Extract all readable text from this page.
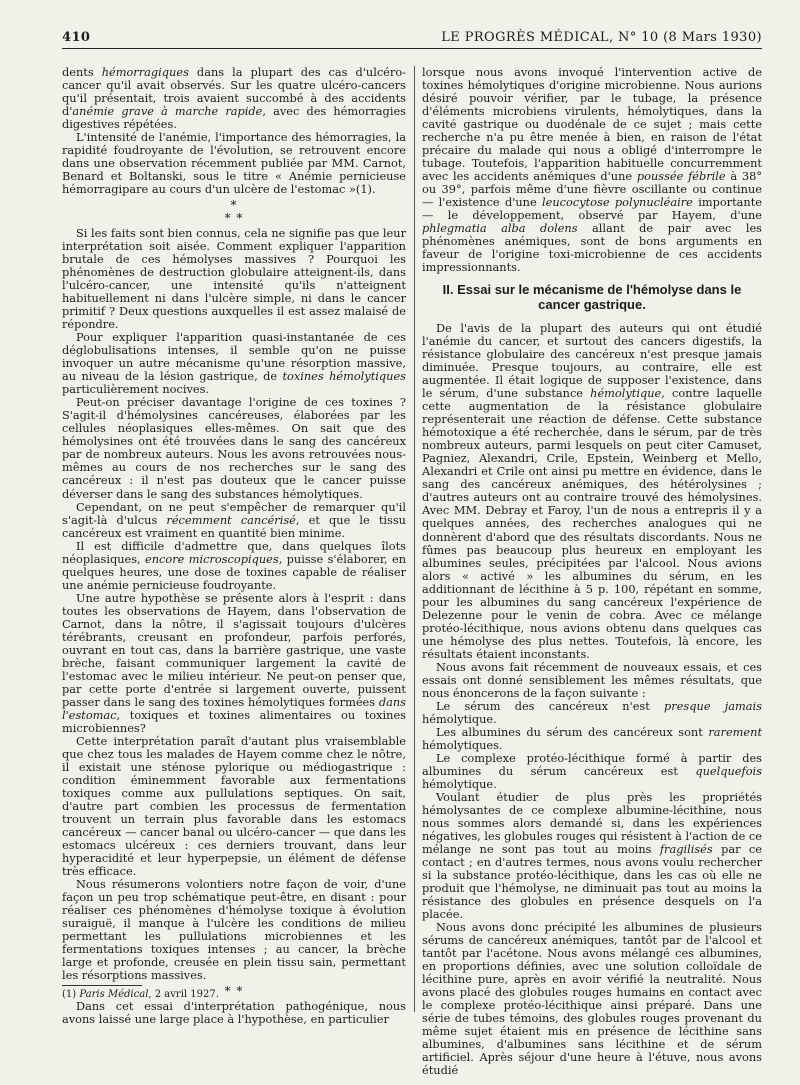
410	LE PROGRÈS MÉDICAL, N° 10 (8 Mars 1930)

dents hémorragiques dans la plupart des cas d'ulcéro-cancer qu'il avait observés. Sur les quatre ulcéro-cancers qu'il présentait, trois avaient succombé à des accidents d'anémie grave à marche rapide, avec des hémorragies digestives répétées.

L'intensité de l'anémie, l'importance des hémorragies, la rapidité foudroyante de l'évolution, se retrouvent encore dans une observation récemment publiée par MM. Carnot, Benard et Boltanski, sous le titre « Anémie pernicieuse hémorragipare au cours d'un ulcère de l'estomac »(1).

*
* *

Si les faits sont bien connus, cela ne signifie pas que leur interprétation soit aisée. Comment expliquer l'apparition brutale de ces hémolyses massives ? Pourquoi les phénomènes de destruction globulaire atteignent-ils, dans l'ulcéro-cancer, une intensité qu'ils n'atteignent habituellement ni dans l'ulcère simple, ni dans le cancer primitif ? Deux questions auxquelles il est assez malaisé de répondre.

Pour expliquer l'apparition quasi-instantanée de ces déglobulisations intenses, il semble qu'on ne puisse invoquer un autre mécanisme qu'une résorption massive, au niveau de la lésion gastrique, de toxines hémolytiques particulièrement nocives.

Peut-on préciser davantage l'origine de ces toxines ? S'agit-il d'hémolysines cancéreuses, élaborées par les cellules néoplasiques elles-mêmes. On sait que des hémolysines ont été trouvées dans le sang des cancéreux par de nombreux auteurs. Nous les avons retrouvées nous-mêmes au cours de nos recherches sur le sang des cancéreux : il n'est pas douteux que le cancer puisse déverser dans le sang des substances hémolytiques.

Cependant, on ne peut s'empêcher de remarquer qu'il s'agit-là d'ulcus récemment cancérisé, et que le tissu cancéreux est vraiment en quantité bien minime.

Il est difficile d'admettre que, dans quelques îlots néoplasiques, encore microscopiques, puisse s'élaborer, en quelques heures, une dose de toxines capable de réaliser une anémie pernicieuse foudroyante.

Une autre hypothèse se présente alors à l'esprit : dans toutes les observations de Hayem, dans l'observation de Carnot, dans la nôtre, il s'agissait toujours d'ulcères térébrants, creusant en profondeur, parfois perforés, ouvrant en tout cas, dans la barrière gastrique, une vaste brèche, faisant communiquer largement la cavité de l'estomac avec le milieu intérieur. Ne peut-on penser que, par cette porte d'entrée si largement ouverte, puissent passer dans le sang des toxines hémolytiques formées dans l'estomac, toxiques et toxines alimentaires ou toxines microbiennes?

Cette interprétation paraît d'autant plus vraisemblable que chez tous les malades de Hayem comme chez le nôtre, il existait une sténose pylorique ou médiogastrique : condition éminemment favorable aux fermentations toxiques comme aux pullulations septiques. On sait, d'autre part combien les processus de fermentation trouvent un terrain plus favorable dans les estomacs cancéreux — cancer banal ou ulcéro-cancer — que dans les estomacs ulcéreux : ces derniers trouvant, dans leur hyperacidité et leur hyperpepsie, un élément de défense très efficace.

Nous résumerons volontiers notre façon de voir, d'une façon un peu trop schématique peut-être, en disant : pour réaliser ces phénomènes d'hémolyse toxique à évolution suraiguë, il manque à l'ulcère les conditions de milieu permettant les pullulations microbiennes et les fermentations toxiques intenses ; au cancer, la brèche large et profonde, creusée en plein tissu sain, permettant les résorptions massives.

* *

Dans cet essai d'interprétation pathogénique, nous avons laissé une large place à l'hypothèse, en particulier

(1) Paris Médical, 2 avril 1927.

lorsque nous avons invoqué l'intervention active de toxines hémolytiques d'origine microbienne. Nous aurions désiré pouvoir vérifier, par le tubage, la présence d'éléments microbiens virulents, hémolytiques, dans la cavité gastrique ou duodénale de ce sujet ; mais cette recherche n'a pu être menée à bien, en raison de l'état précaire du malade qui nous a obligé d'interrompre le tubage. Toutefois, l'apparition habituelle concurremment avec les accidents anémiques d'une poussée fébrile à 38° ou 39°, parfois même d'une fièvre oscillante ou continue — l'existence d'une leucocytose polynucléaire importante — le développement, observé par Hayem, d'une phlegmatia alba dolens allant de pair avec les phénomènes anémiques, sont de bons arguments en faveur de l'origine toxi-microbienne de ces accidents impressionnants.

II. Essai sur le mécanisme de l'hémolyse dans le cancer gastrique.

De l'avis de la plupart des auteurs qui ont étudié l'anémie du cancer, et surtout des cancers digestifs, la résistance globulaire des cancéreux n'est presque jamais diminuée. Presque toujours, au contraire, elle est augmentée. Il était logique de supposer l'existence, dans le sérum, d'une substance hémolytique, contre laquelle cette augmentation de la résistance globulaire représenterait une réaction de défense. Cette substance hémotoxique a été recherchée, dans le sérum, par de très nombreux auteurs, parmi lesquels on peut citer Camuset, Pagniez, Alexandri, Crile, Epstein, Weinberg et Mello, Alexandri et Crile ont ainsi pu mettre en évidence, dans le sang des cancéreux anémiques, des hétérolysines ; d'autres auteurs ont au contraire trouvé des hémolysines. Avec MM. Debray et Faroy, l'un de nous a entrepris il y a quelques années, des recherches analogues qui ne donnèrent d'abord que des résultats discordants. Nous ne fûmes pas beaucoup plus heureux en employant les albumines seules, précipitées par l'alcool. Nous avions alors « activé » les albumines du sérum, en les additionnant de lécithine à 5 p. 100, répétant en somme, pour les albumines du sang cancéreux l'expérience de Delezenne pour le venin de cobra. Avec ce mélange protéo-lécithique, nous avions obtenu dans quelques cas une hémolyse des plus nettes. Toutefois, là encore, les résultats étaient inconstants.

Nous avons fait récemment de nouveaux essais, et ces essais ont donné sensiblement les mêmes résultats, que nous énoncerons de la façon suivante :

Le sérum des cancéreux n'est presque jamais hémolytique.

Les albumines du sérum des cancéreux sont rarement hémolytiques.

Le complexe protéo-lécithique formé à partir des albumines du sérum cancéreux est quelquefois hémolytique.

Voulant étudier de plus près les propriétés hémolysantes de ce complexe albumine-lécithine, nous nous sommes alors demandé si, dans les expériences négatives, les globules rouges qui résistent à l'action de ce mélange ne sont pas tout au moins fragilisés par ce contact ; en d'autres termes, nous avons voulu rechercher si la substance protéo-lécithique, dans les cas où elle ne produit que l'hémolyse, ne diminuait pas tout au moins la résistance des globules en présence desquels on l'a placée.

Nous avons donc précipité les albumines de plusieurs sérums de cancéreux anémiques, tantôt par de l'alcool et tantôt par l'acétone. Nous avons mélangé ces albumines, en proportions définies, avec une solution colloïdale de lécithine pure, après en avoir vérifié la neutralité. Nous avons placé des globules rouges humains en contact avec le complexe protéo-lécithique ainsi préparé. Dans une série de tubes témoins, des globules rouges provenant du même sujet étaient mis en présence de lécithine sans albumines, d'albumines sans lécithine et de sérum artificiel. Après séjour d'une heure à l'étuve, nous avons étudié
